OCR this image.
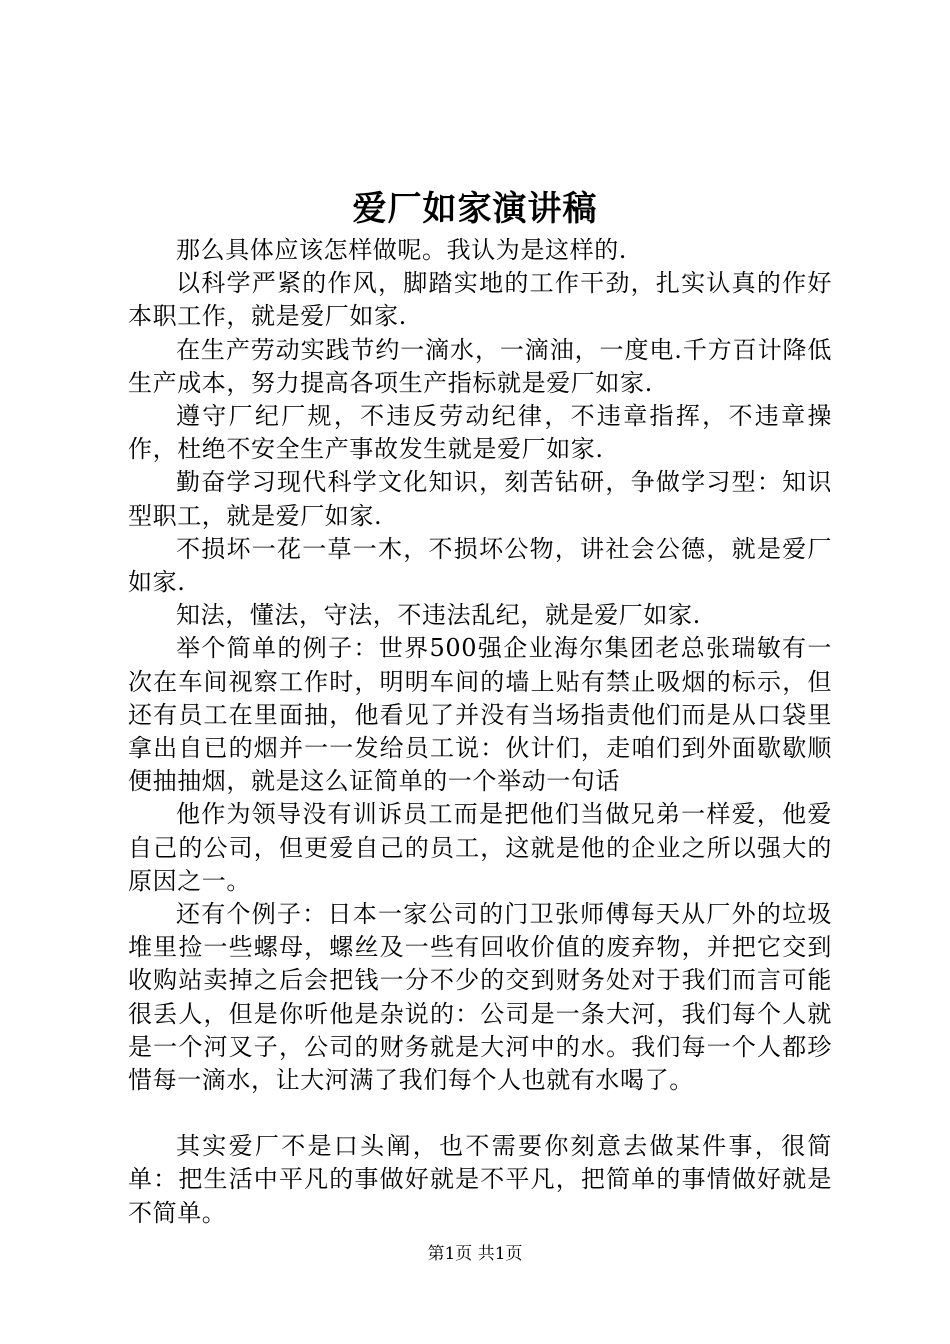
爱厂如家演讲稿

那么具体应该怎样做呢。我认为是这样的.

以科学严紧的作风，脚踏实地的工作干劲，扎实认真的作好本职工作，就是爱厂如家.

在生产劳动实践节约一滴水，一滴油，一度电.千方百计降低生产成本，努力提高各项生产指标就是爱厂如家.

遵守厂纪厂规，不违反劳动纪律，不违章指挥，不违章操作，杜绝不安全生产事故发生就是爱厂如家.

勤奋学习现代科学文化知识，刻苦钻研，争做学习型：知识型职工，就是爱厂如家.

不损坏一花一草一木，不损坏公物，讲社会公德，就是爱厂如家.

知法，懂法，守法，不违法乱纪，就是爱厂如家.

举个简单的例子：世界500强企业海尔集团老总张瑞敏有一次在车间视察工作时，明明车间的墙上贴有禁止吸烟的标示，但还有员工在里面抽，他看见了并没有当场指责他们而是从口袋里拿出自已的烟并一一发给员工说：伙计们，走咱们到外面歇歇顺便抽抽烟，就是这么证简单的一个举动一句话

他作为领导没有训诉员工而是把他们当做兄弟一样爱，他爱自己的公司，但更爱自己的员工，这就是他的企业之所以强大的原因之一。

还有个例子：日本一家公司的门卫张师傅每天从厂外的垃圾堆里捡一些螺母，螺丝及一些有回收价值的废弃物，并把它交到收购站卖掉之后会把钱一分不少的交到财务处对于我们而言可能很丢人，但是你听他是杂说的：公司是一条大河，我们每个人就是一个河叉子，公司的财务就是大河中的水。我们每一个人都珍惜每一滴水，让大河满了我们每个人也就有水喝了。

其实爱厂不是口头阐，也不需要你刻意去做某件事，很简单：把生活中平凡的事做好就是不平凡，把简单的事情做好就是不简单。

第1页 共1页
